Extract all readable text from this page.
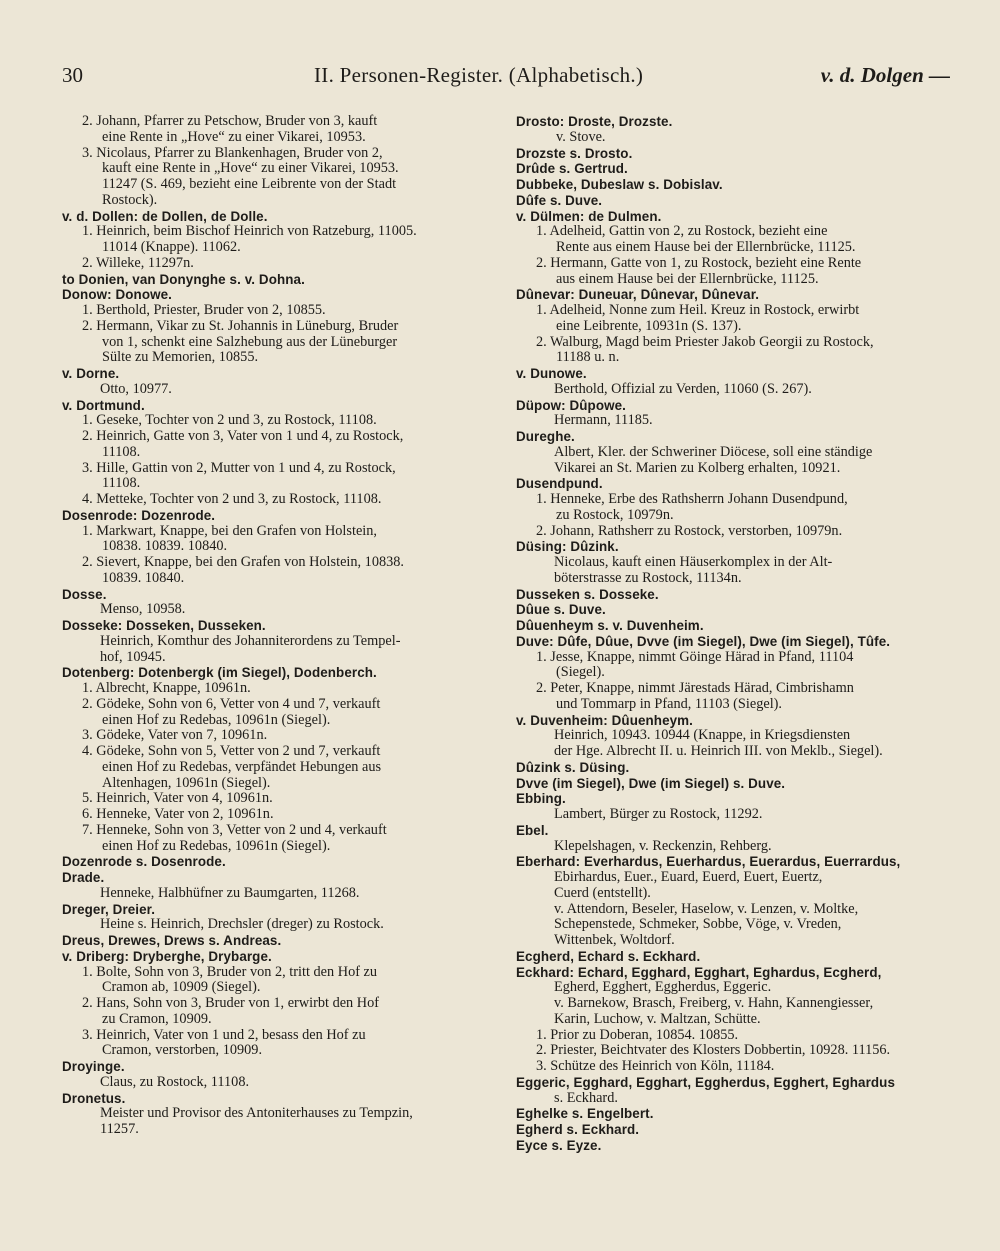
30	II. Personen-Register. (Alphabetisch.)	v. d. Dolgen —
2. Johann, Pfarrer zu Petschow, Bruder von 3, kauft
eine Rente in „Hove“ zu einer Vikarei, 10953.
3. Nicolaus, Pfarrer zu Blankenhagen, Bruder von 2,
kauft eine Rente in „Hove“ zu einer Vikarei, 10953.
11247 (S. 469, bezieht eine Leibrente von der Stadt
Rostock).
v. d. Dollen: de Dollen, de Dolle.
1. Heinrich, beim Bischof Heinrich von Ratzeburg, 11005.
11014 (Knappe). 11062.
2. Willeke, 11297n.
to Donien, van Donynghe s. v. Dohna.
Donow: Donowe.
1. Berthold, Priester, Bruder von 2, 10855.
2. Hermann, Vikar zu St. Johannis in Lüneburg, Bruder
von 1, schenkt eine Salzhebung aus der Lüneburger
Sülte zu Memorien, 10855.
v. Dorne.
Otto, 10977.
v. Dortmund.
1. Geseke, Tochter von 2 und 3, zu Rostock, 11108.
2. Heinrich, Gatte von 3, Vater von 1 und 4, zu Rostock,
11108.
3. Hille, Gattin von 2, Mutter von 1 und 4, zu Rostock,
11108.
4. Metteke, Tochter von 2 und 3, zu Rostock, 11108.
Dosenrode: Dozenrode.
1. Markwart, Knappe, bei den Grafen von Holstein,
10838. 10839. 10840.
2. Sievert, Knappe, bei den Grafen von Holstein, 10838.
10839. 10840.
Dosse.
Menso, 10958.
Dosseke: Dosseken, Dusseken.
Heinrich, Komthur des Johanniterordens zu Tempel-
hof, 10945.
Dotenberg: Dotenbergk (im Siegel), Dodenberch.
1. Albrecht, Knappe, 10961n.
2. Gödeke, Sohn von 6, Vetter von 4 und 7, verkauft
einen Hof zu Redebas, 10961n (Siegel).
3. Gödeke, Vater von 7, 10961n.
4. Gödeke, Sohn von 5, Vetter von 2 und 7, verkauft
einen Hof zu Redebas, verpfändet Hebungen aus
Altenhagen, 10961n (Siegel).
5. Heinrich, Vater von 4, 10961n.
6. Henneke, Vater von 2, 10961n.
7. Henneke, Sohn von 3, Vetter von 2 und 4, verkauft
einen Hof zu Redebas, 10961n (Siegel).
Dozenrode s. Dosenrode.
Drade.
Henneke, Halbhüfner zu Baumgarten, 11268.
Dreger, Dreier.
Heine s. Heinrich, Drechsler (dreger) zu Rostock.
Dreus, Drewes, Drews s. Andreas.
v. Driberg: Dryberghe, Drybarge.
1. Bolte, Sohn von 3, Bruder von 2, tritt den Hof zu
Cramon ab, 10909 (Siegel).
2. Hans, Sohn von 3, Bruder von 1, erwirbt den Hof
zu Cramon, 10909.
3. Heinrich, Vater von 1 und 2, besass den Hof zu
Cramon, verstorben, 10909.
Droyinge.
Claus, zu Rostock, 11108.
Dronetus.
Meister und Provisor des Antoniterhauses zu Tempzin,
11257.
Drosto: Droste, Drozste.
v. Stove.
Drozste s. Drosto.
Drûde s. Gertrud.
Dubbeke, Dubeslaw s. Dobislav.
Dûfe s. Duve.
v. Dülmen: de Dulmen.
1. Adelheid, Gattin von 2, zu Rostock, bezieht eine
Rente aus einem Hause bei der Ellernbrücke, 11125.
2. Hermann, Gatte von 1, zu Rostock, bezieht eine Rente
aus einem Hause bei der Ellernbrücke, 11125.
Dûnevar: Duneuar, Dûnevar, Dûnevar.
1. Adelheid, Nonne zum Heil. Kreuz in Rostock, erwirbt
eine Leibrente, 10931n (S. 137).
2. Walburg, Magd beim Priester Jakob Georgii zu Rostock,
11188 u. n.
v. Dunowe.
Berthold, Offizial zu Verden, 11060 (S. 267).
Düpow: Dûpowe.
Hermann, 11185.
Dureghe.
Albert, Kler. der Schweriner Diöcese, soll eine ständige
Vikarei an St. Marien zu Kolberg erhalten, 10921.
Dusendpund.
1. Henneke, Erbe des Rathsherrn Johann Dusendpund,
zu Rostock, 10979n.
2. Johann, Rathsherr zu Rostock, verstorben, 10979n.
Düsing: Dûzink.
Nicolaus, kauft einen Häuserkomplex in der Alt-
böterstrasse zu Rostock, 11134n.
Dusseken s. Dosseke.
Dûue s. Duve.
Dûuenheym s. v. Duvenheim.
Duve: Dûfe, Dûue, Dvve (im Siegel), Dwe (im Siegel), Tûfe.
1. Jesse, Knappe, nimmt Göinge Härad in Pfand, 11104
(Siegel).
2. Peter, Knappe, nimmt Järestads Härad, Cimbrishamn
und Tommarp in Pfand, 11103 (Siegel).
v. Duvenheim: Dûuenheym.
Heinrich, 10943. 10944 (Knappe, in Kriegsdiensten
der Hge. Albrecht II. u. Heinrich III. von Meklb., Siegel).
Dûzink s. Düsing.
Dvve (im Siegel), Dwe (im Siegel) s. Duve.
Ebbing.
Lambert, Bürger zu Rostock, 11292.
Ebel.
Klepelshagen, v. Reckenzin, Rehberg.
Eberhard: Everhardus, Euerhardus, Euerardus, Euerrardus,
Ebirhardus, Euer., Euard, Euerd, Euert, Euertz,
Cuerd (entstellt).
v. Attendorn, Beseler, Haselow, v. Lenzen, v. Moltke,
Schepenstede, Schmeker, Sobbe, Vöge, v. Vreden,
Wittenbek, Woltdorf.
Ecgherd, Echard s. Eckhard.
Eckhard: Echard, Egghard, Egghart, Eghardus, Ecgherd,
Egherd, Egghert, Eggherdus, Eggeric.
v. Barnekow, Brasch, Freiberg, v. Hahn, Kannengiesser,
Karin, Luchow, v. Maltzan, Schütte.
1. Prior zu Doberan, 10854. 10855.
2. Priester, Beichtvater des Klosters Dobbertin, 10928. 11156.
3. Schütze des Heinrich von Köln, 11184.
Eggeric, Egghard, Egghart, Eggherdus, Egghert, Eghardus
s. Eckhard.
Eghelke s. Engelbert.
Egherd s. Eckhard.
Eyce s. Eyze.
